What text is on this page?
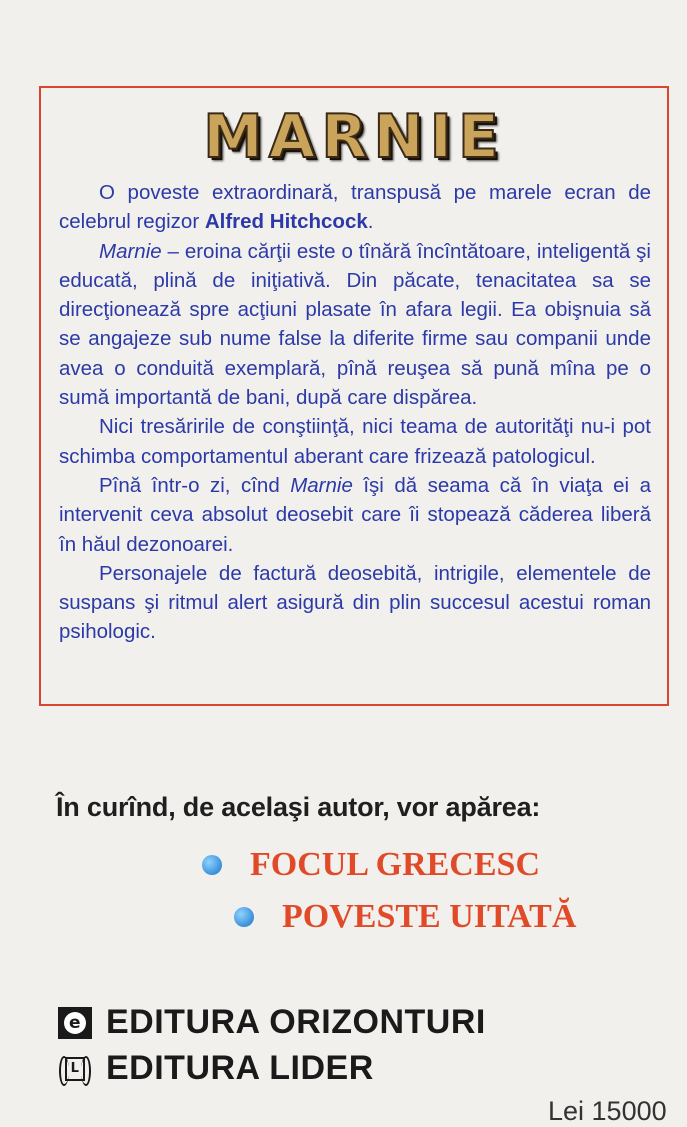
MARNIE

O poveste extraordinară, transpusă pe marele ecran de celebrul regizor Alfred Hitchcock.

Marnie – eroina cărţii este o tînără încîntătoare, inteligentă şi educată, plină de iniţiativă. Din păcate, tenacitatea sa se direcţionează spre acţiuni plasate în afara legii. Ea obişnuia să se angajeze sub nume false la diferite firme sau companii unde avea o conduită exemplară, pînă reuşea să pună mîna pe o sumă importantă de bani, după care dispărea.

Nici tresăririle de conştiinţă, nici teama de autorităţi nu-i pot schimba comportamentul aberant care frizează patologicul.

Pînă într-o zi, cînd Marnie îşi dă seama că în viaţa ei a intervenit ceva absolut deosebit care îi stopează căderea liberă în hăul dezonoarei.

Personajele de factură deosebită, intrigile, elementele de suspans şi ritmul alert asigură din plin succesul acestui roman psihologic.

În curînd, de acelaşi autor, vor apărea:
FOCUL GRECESC
POVESTE UITATĂ
e EDITURA ORIZONTURI
L EDITURA LIDER
Lei 15000
